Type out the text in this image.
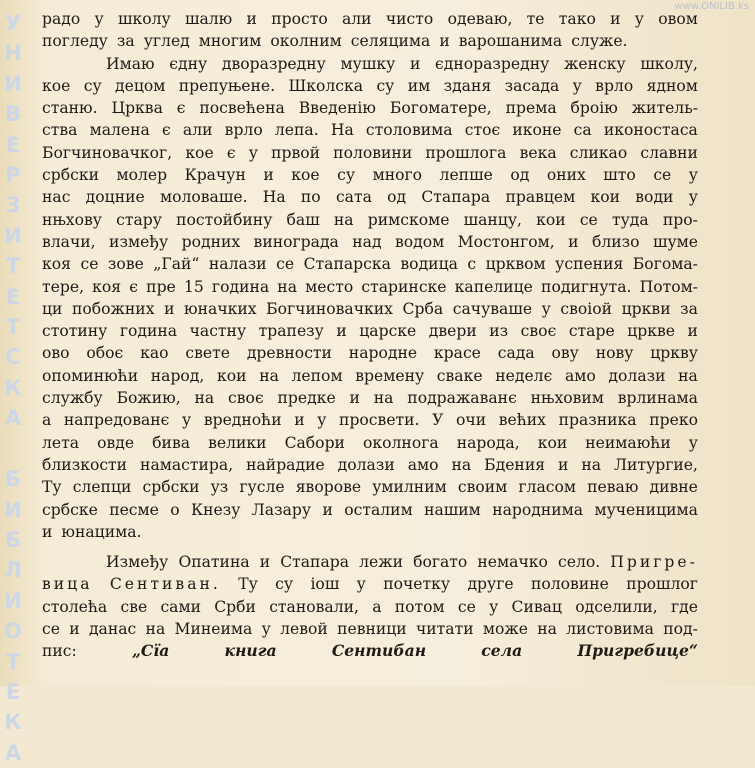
www.ONILIB.ks
У
Н
И
В
Е
Р
З
И
Т
Е
Т
С
К
А

Б
И
Б
Л
И
О
Т
Е
К
А
радо у школу шалю и просто али чисто одеваю, те тако и у овом
погледу за углед многим околним селяцима и варошанима служе.
Имаю єдну дворазредну мушку и єдноразредну женску школу,
кое су децом препуњене. Школска су им зданя засада у врло ядном
станю. Црква є посвећена Введенію Богоматере, према броію житель-
ства малена є али врло лепа. На столовима стоє иконе са иконостаса
Богчиновачког, кое є у првой половини прошлога века сликао славни
србски молер Крачун и кое су много лепше од оних што се у
нас доцние моловаше. На по сата од Стапара правцем кои води у
нњхову стару постойбину баш на римскоме шанцу, кои се туда про-
влачи, између родних винограда над водом Мостонгом, и близо шуме
коя се зове „Гай“ налази се Стапарска водица с црквом успения Богома-
тере, коя є пре 15 година на место старинске капелице подигнута. Потом-
ци побожних и юначких Богчиновачких Срба сачуваше у своіой цркви за
стотину година частну трапезу и царске двери из своє старе цркве и
ово обоє као свете древности народне красе сада ову нову цркву
опоминюћи народ, кои на лепом времену сваке неделє амо долази на
службу Божию, на своє предке и на подражаванє нњховим врлинама
а напредованє у вредноћи и у просвети. У очи већих празника преко
лета овде бива велики Сабори околнога народа, кои неимаюћи у
близкости намастира, найрадие долази амо на Бдения и на Литургие,
Ту слепци србски уз гусле яворове умилним своим гласом певаю дивне
србске песме о Кнезу Лазару и осталим нашим народнима мученицима
и юнацима.
Између Опатина и Стапара лежи богато немачко село. Пригре-
вица Сентиван. Ту су іош у почетку друге половине прошлог
столећа све сами Срби становали, а потом се у Сивац одселили, где
се и данас на Минеима у левой певници читати може на листовима под-
пис:	„Сїа	книга	Сентибан	села	Пригребице“
